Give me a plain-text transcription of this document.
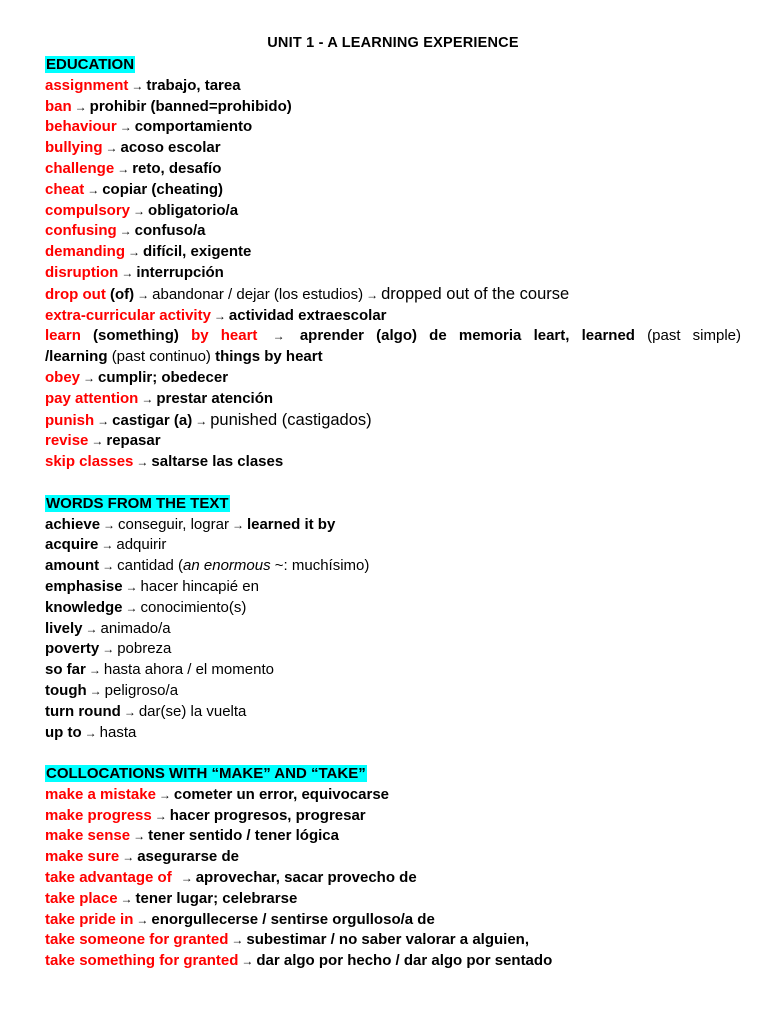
UNIT 1 - A LEARNING EXPERIENCE
EDUCATION
assignment → trabajo, tarea
ban → prohibir (banned=prohibido)
behaviour → comportamiento
bullying → acoso escolar
challenge → reto, desafío
cheat → copiar (cheating)
compulsory → obligatorio/a
confusing → confuso/a
demanding → difícil, exigente
disruption → interrupción
drop out (of) → abandonar / dejar (los estudios) → dropped out of the course
extra-curricular activity → actividad extraescolar
learn (something) by heart → aprender (algo) de memoria leart, learned (past simple)
/learning (past continuo) things by heart
obey → cumplir; obedecer
pay attention → prestar atención
punish → castigar (a) → punished (castigados)
revise → repasar
skip classes → saltarse las clases
WORDS FROM THE TEXT
achieve → conseguir, lograr → learned it by
acquire → adquirir
amount → cantidad (an enormous ~: muchísimo)
emphasise → hacer hincapié en
knowledge → conocimiento(s)
lively → animado/a
poverty → pobreza
so far → hasta ahora / el momento
tough → peligroso/a
turn round → dar(se) la vuelta
up to → hasta
COLLOCATIONS WITH “MAKE” AND “TAKE”
make a mistake → cometer un error, equivocarse
make progress → hacer progresos, progresar
make sense → tener sentido / tener lógica
make sure → asegurarse de
take advantage of → aprovechar, sacar provecho de
take place → tener lugar; celebrarse
take pride in → enorgullecerse / sentirse orgulloso/a de
take someone for granted → subestimar / no saber valorar a alguien,
take something for granted → dar algo por hecho / dar algo por sentado
